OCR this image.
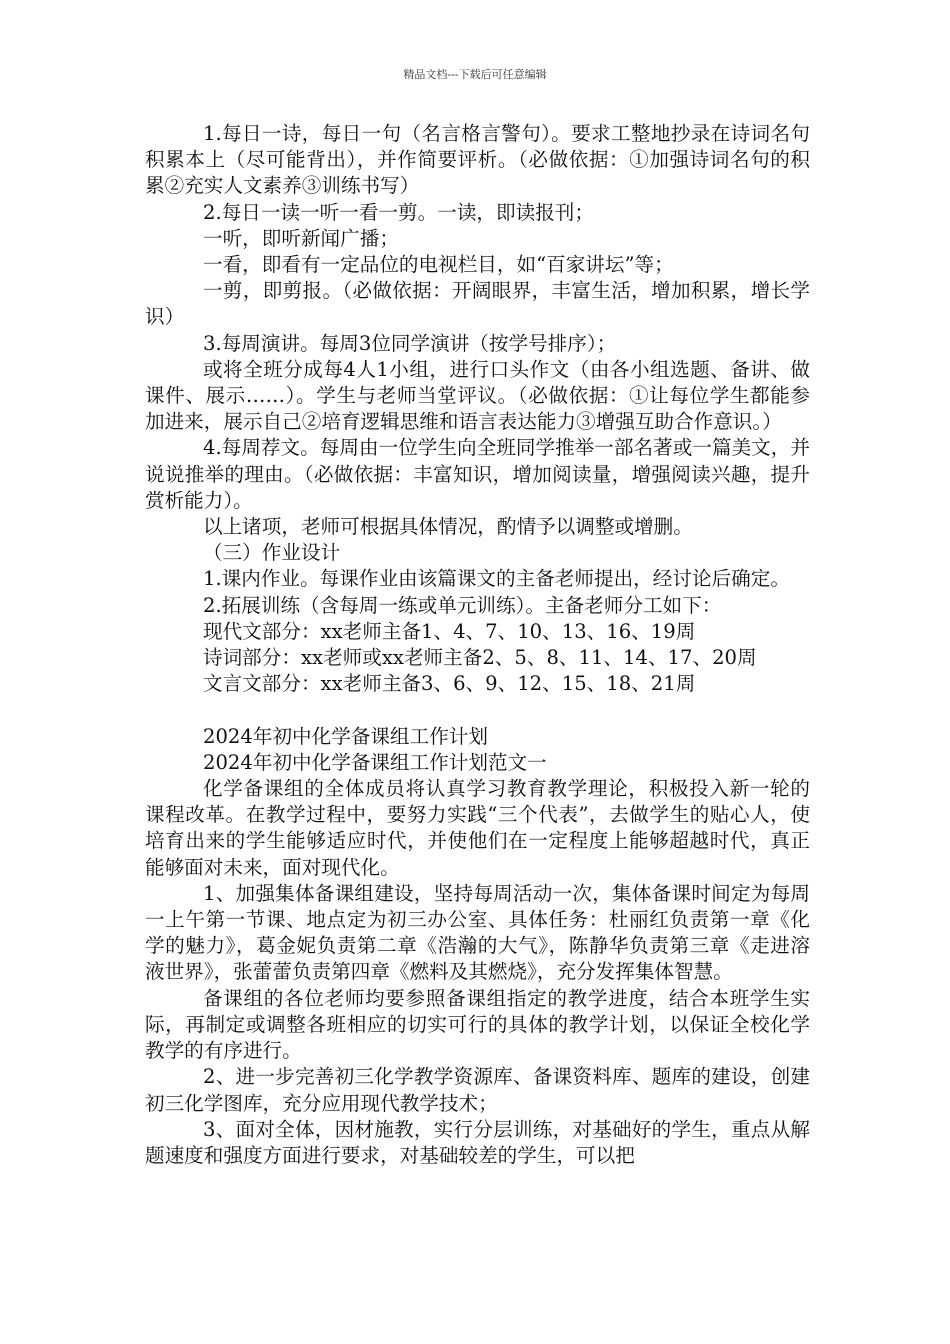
精品文档---下载后可任意编辑

1.每日一诗，每日一句（名言格言警句）。要求工整地抄录在诗词名句积累本上（尽可能背出），并作简要评析。（必做依据：①加强诗词名句的积累②充实人文素养③训练书写）

2.每日一读一听一看一剪。一读，即读报刊；

一听，即听新闻广播；

一看，即看有一定品位的电视栏目，如“百家讲坛”等；

一剪，即剪报。（必做依据：开阔眼界，丰富生活，增加积累，增长学识）

3.每周演讲。每周3位同学演讲（按学号排序）；

或将全班分成每4人1小组，进行口头作文（由各小组选题、备讲、做课件、展示……）。学生与老师当堂评议。（必做依据：①让每位学生都能参加进来，展示自己②培育逻辑思维和语言表达能力③增强互助合作意识。）

4.每周荐文。每周由一位学生向全班同学推举一部名著或一篇美文，并说说推举的理由。（必做依据：丰富知识，增加阅读量，增强阅读兴趣，提升赏析能力）。

以上诸项，老师可根据具体情况，酌情予以调整或增删。

（三）作业设计

1.课内作业。每课作业由该篇课文的主备老师提出，经讨论后确定。

2.拓展训练（含每周一练或单元训练）。主备老师分工如下：

现代文部分：xx老师主备1、4、7、10、13、16、19周

诗词部分：xx老师或xx老师主备2、5、8、11、14、17、20周

文言文部分：xx老师主备3、6、9、12、15、18、21周

2024年初中化学备课组工作计划

2024年初中化学备课组工作计划范文一

化学备课组的全体成员将认真学习教育教学理论，积极投入新一轮的课程改革。在教学过程中，要努力实践“三个代表”，去做学生的贴心人，使培育出来的学生能够适应时代，并使他们在一定程度上能够超越时代，真正能够面对未来，面对现代化。

1、加强集体备课组建设，坚持每周活动一次，集体备课时间定为每周一上午第一节课、地点定为初三办公室、具体任务：杜丽红负责第一章《化学的魅力》，葛金妮负责第二章《浩瀚的大气》，陈静华负责第三章《走进溶液世界》，张蕾蕾负责第四章《燃料及其燃烧》，充分发挥集体智慧。

备课组的各位老师均要参照备课组指定的教学进度，结合本班学生实际，再制定或调整各班相应的切实可行的具体的教学计划，以保证全校化学教学的有序进行。

2、进一步完善初三化学教学资源库、备课资料库、题库的建设，创建初三化学图库，充分应用现代教学技术；

3、面对全体，因材施教，实行分层训练，对基础好的学生，重点从解题速度和强度方面进行要求，对基础较差的学生，可以把
